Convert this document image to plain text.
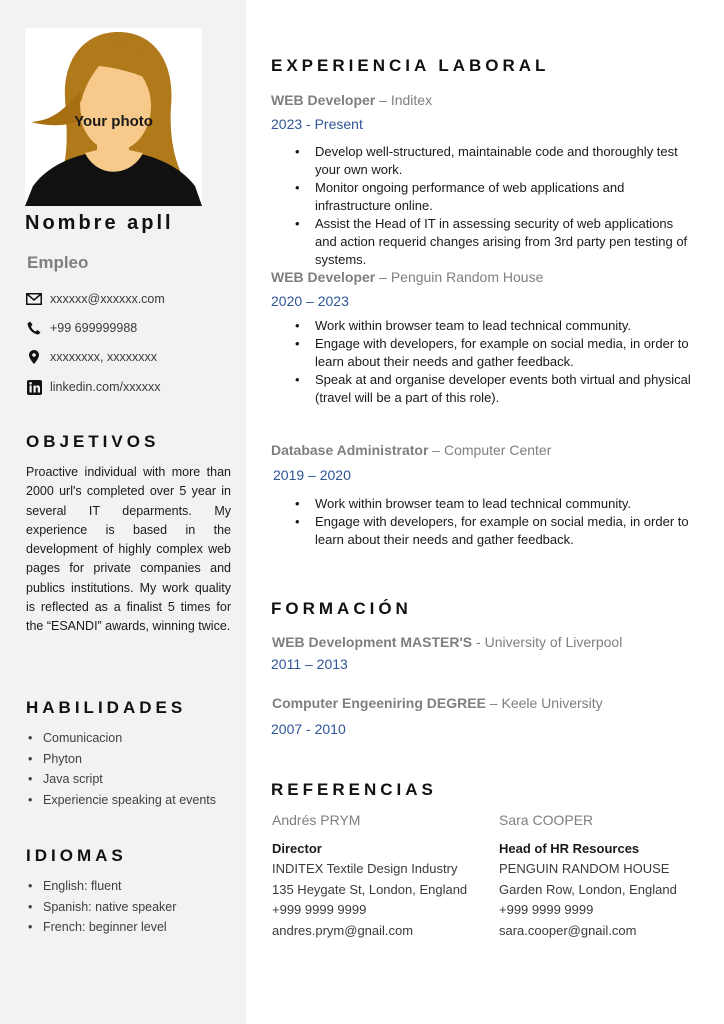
Your photo
Nombre apll
Empleo
xxxxxx@xxxxxx.com
+99 699999988
xxxxxxxx, xxxxxxxx
linkedin.com/xxxxxx
OBJETIVOS
Proactive individual with more than 2000 url's completed over 5 year in several IT deparments. My experience is based in the development of highly complex web pages for private companies and publics institutions. My work quality is reflected as a finalist 5 times for the “ESANDI” awards, winning twice.
HABILIDADES
• Comunicacion
• Phyton
• Java script
• Experiencie speaking at events
IDIOMAS
• English: fluent
• Spanish: native speaker
• French: beginner level
EXPERIENCIA LABORAL
WEB Developer – Inditex
2023 - Present
• Develop well-structured, maintainable code and thoroughly test your own work.
• Monitor ongoing performance of web applications and infrastructure online.
• Assist the Head of IT in assessing security of web applications and action requerid changes arising from 3rd party pen testing of systems.
WEB Developer – Penguin Random House
2020 – 2023
• Work within browser team to lead technical community.
• Engage with developers, for example on social media, in order to learn about their needs and gather feedback.
• Speak at and organise developer events both virtual and physical (travel will be a part of this role).
Database Administrator – Computer Center
2019 – 2020
• Work within browser team to lead technical community.
• Engage with developers, for example on social media, in order to learn about their needs and gather feedback.
FORMACIÓN
WEB Development MASTER'S - University of Liverpool
2011 – 2013
Computer Engeeniring DEGREE – Keele University
2007 - 2010
REFERENCIAS
Andrés PRYM
Director
INDITEX Textile Design Industry
135 Heygate St, London, England
+999 9999 9999
andres.prym@gnail.com
Sara COOPER
Head of HR Resources
PENGUIN RANDOM HOUSE
Garden Row, London, England
+999 9999 9999
sara.cooper@gnail.com
